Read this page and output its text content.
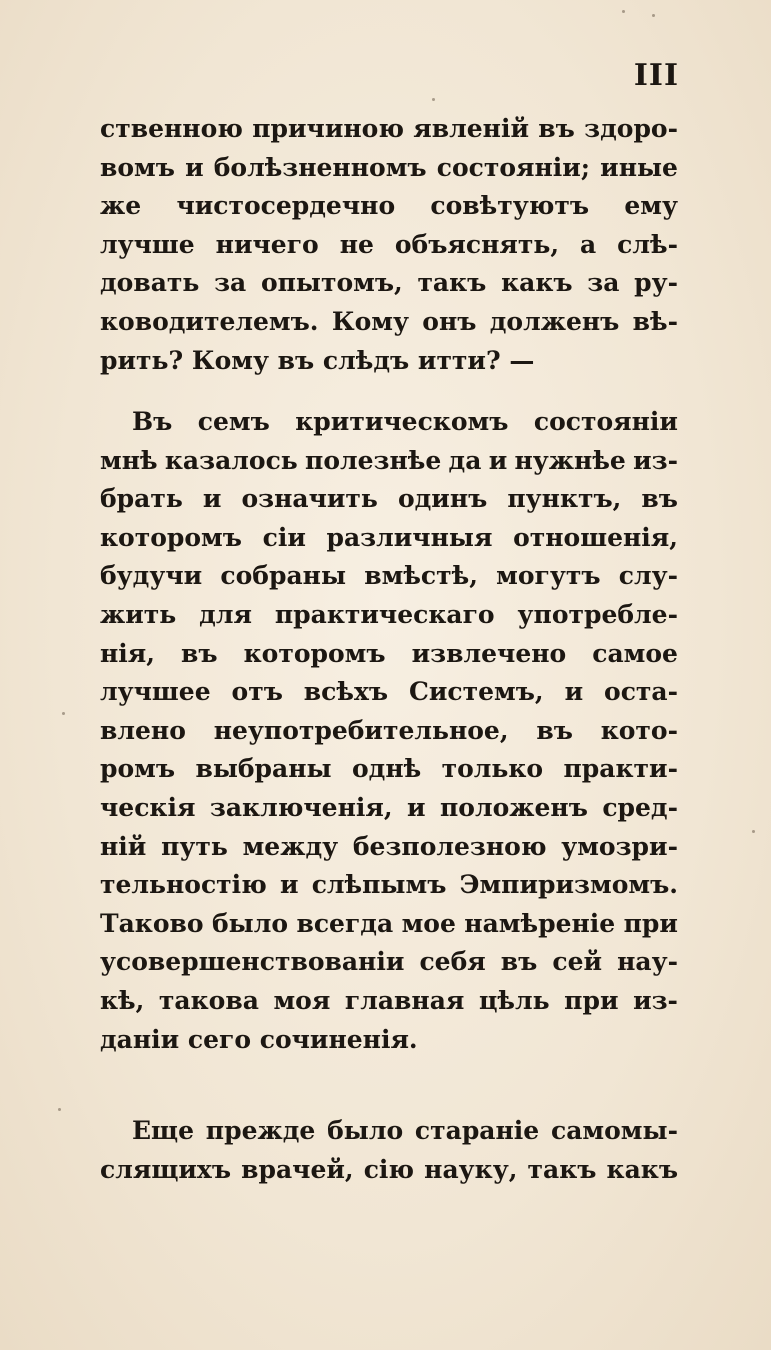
III
ственною причиною явленій въ здоро-
вомъ и болѣзненномъ состояніи; иные
же чистосердечно совѣтуютъ ему
лучше ничего не объяснять, а слѣ-
довать за опытомъ, такъ какъ за ру-
ководителемъ. Кому онъ долженъ вѣ-
рить? Кому въ слѣдъ итти? —
Въ семъ критическомъ состояніи
мнѣ казалось полезнѣе да и нужнѣе из-
брать и означить одинъ пунктъ, въ
которомъ сіи различныя отношенія,
будучи собраны вмѣстѣ, могутъ слу-
жить для практическаго употребле-
нія, въ которомъ извлечено самое
лучшее отъ всѣхъ Системъ, и оста-
влено неупотребительное, въ кото-
ромъ выбраны однѣ только практи-
ческія заключенія, и положенъ сред-
ній путь между безполезною умозри-
тельностію и слѣпымъ Эмпиризмомъ.
Таково было всегда мое намѣреніе при
усовершенствованіи себя въ сей нау-
кѣ, такова моя главная цѣль при из-
даніи сего сочиненія.
Еще прежде было стараніе самомы-
слящихъ врачей, сію науку, такъ какъ
